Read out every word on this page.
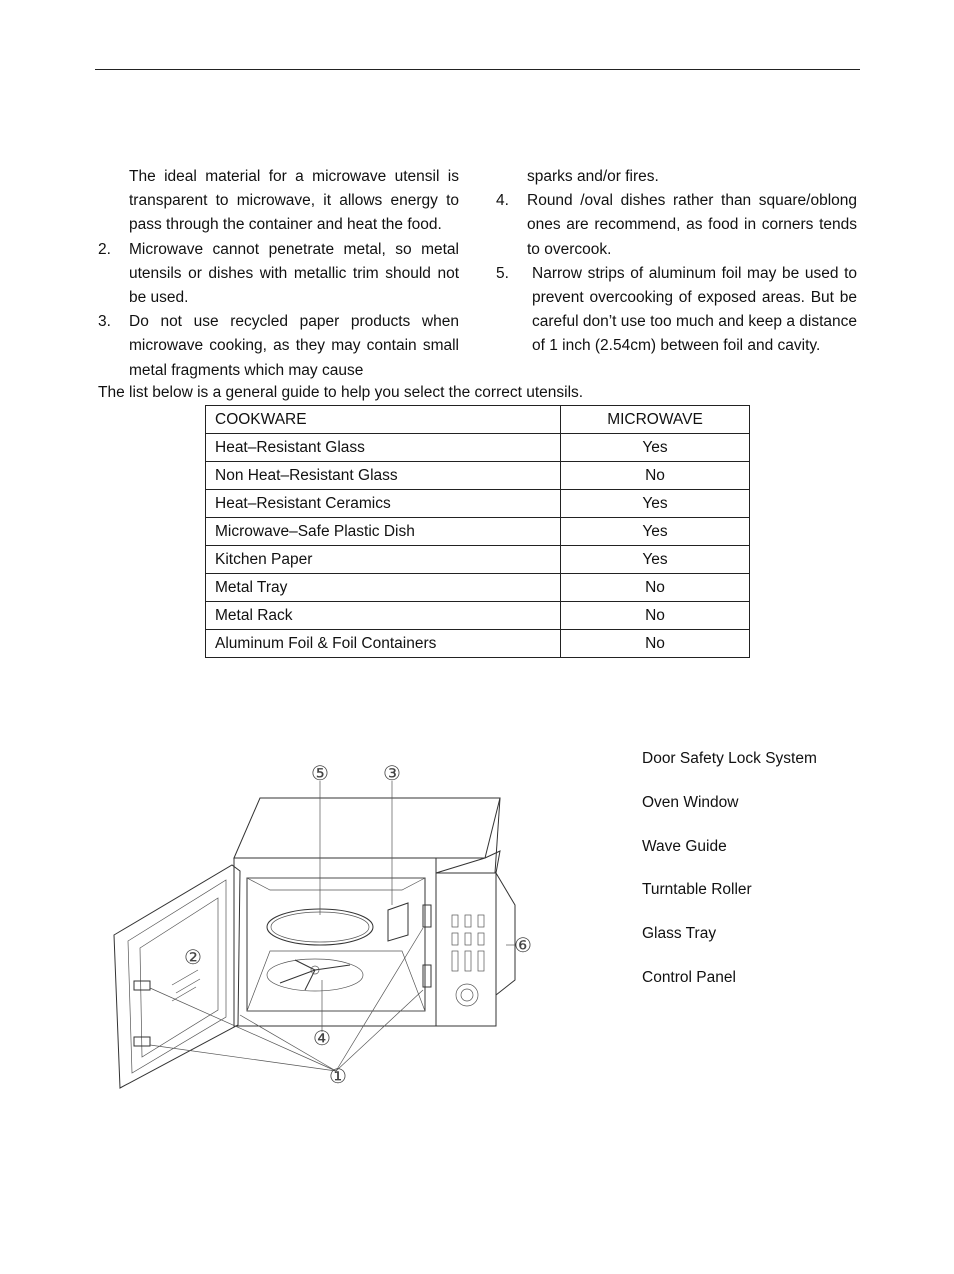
The ideal material for a microwave utensil is transparent to microwave, it allows energy to pass through the container and heat the food.

2. Microwave cannot penetrate metal, so metal utensils or dishes with metallic trim should not be used.

3. Do not use recycled paper products when microwave cooking, as they may contain small metal fragments which may cause

sparks and/or fires.

4. Round /oval dishes rather than square/oblong ones are recommend, as food in corners tends to overcook.

5. Narrow strips of aluminum foil may be used to prevent overcooking of exposed areas. But be careful don’t use too much and keep a distance of 1 inch (2.54cm) between foil and cavity.

The list below is a general guide to help you select the correct utensils.
COOKWARE	MICROWAVE
Heat–Resistant Glass	Yes
Non Heat–Resistant Glass	No
Heat–Resistant Ceramics	Yes
Microwave–Safe Plastic Dish	Yes
Kitchen Paper	Yes
Metal Tray	No
Metal Rack	No
Aluminum Foil & Foil Containers	No
①
②
③
④
⑤
⑥
Door Safety Lock System
Oven Window
Wave Guide
Turntable Roller
Glass Tray
Control Panel
